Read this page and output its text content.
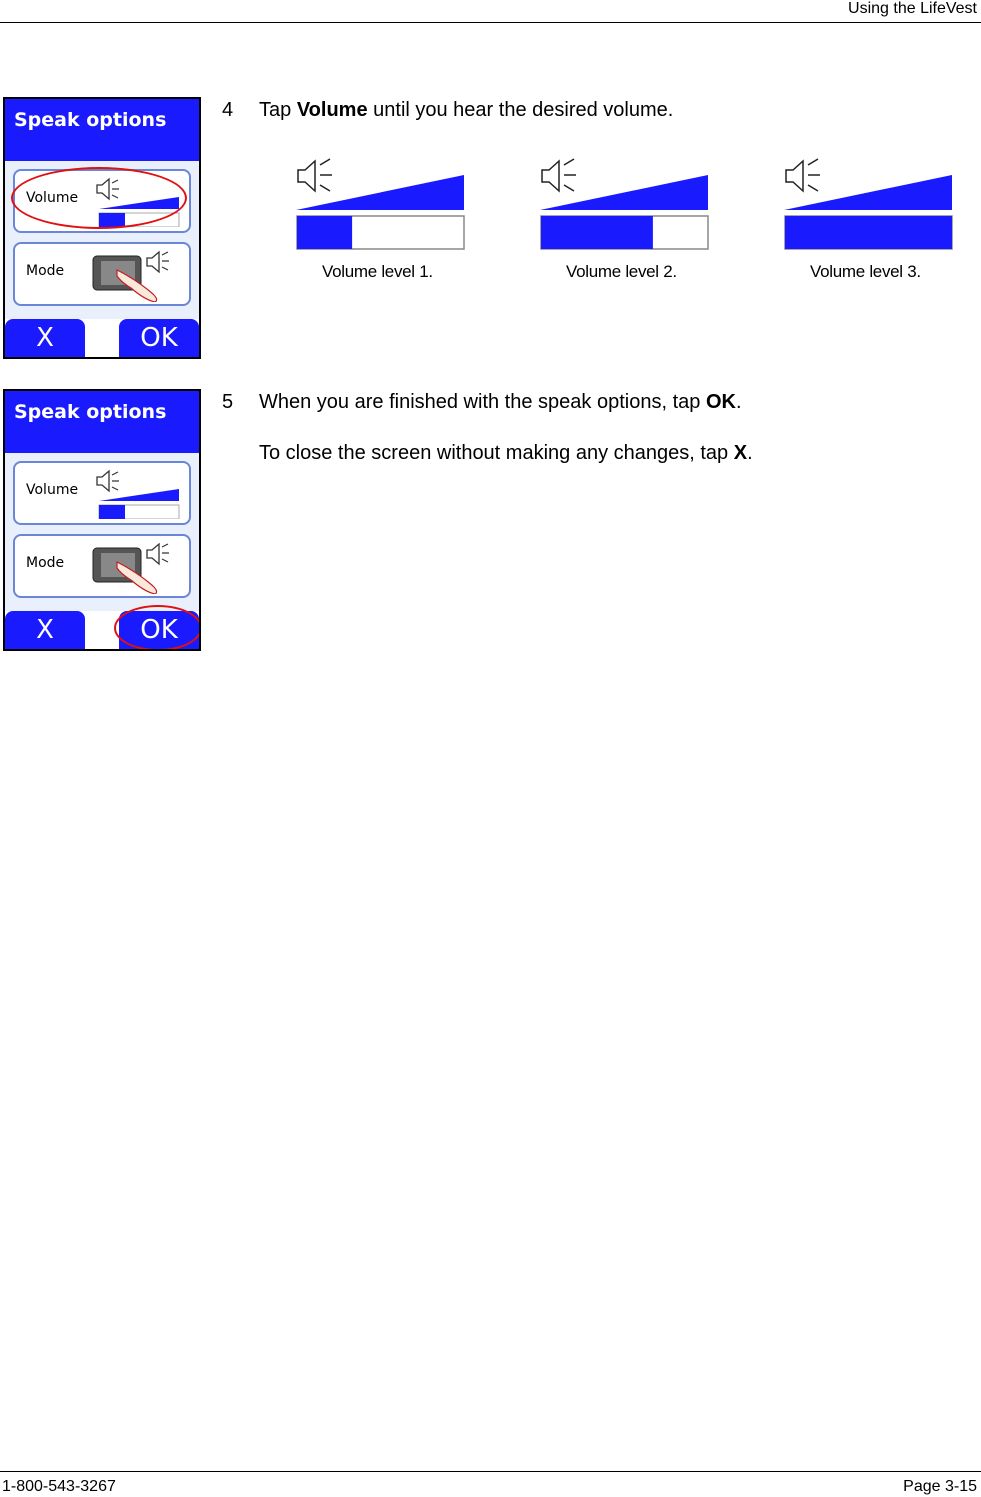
Using the LifeVest
Speak options
Volume
Mode
X	OK
4 Tap Volume until you hear the desired volume.
Volume level 1.	Volume level 2.	Volume level 3.
Speak options
Volume
Mode
X	OK
5 When you are finished with the speak options, tap OK.
To close the screen without making any changes, tap X.
1-800-543-3267	Page 3-15
